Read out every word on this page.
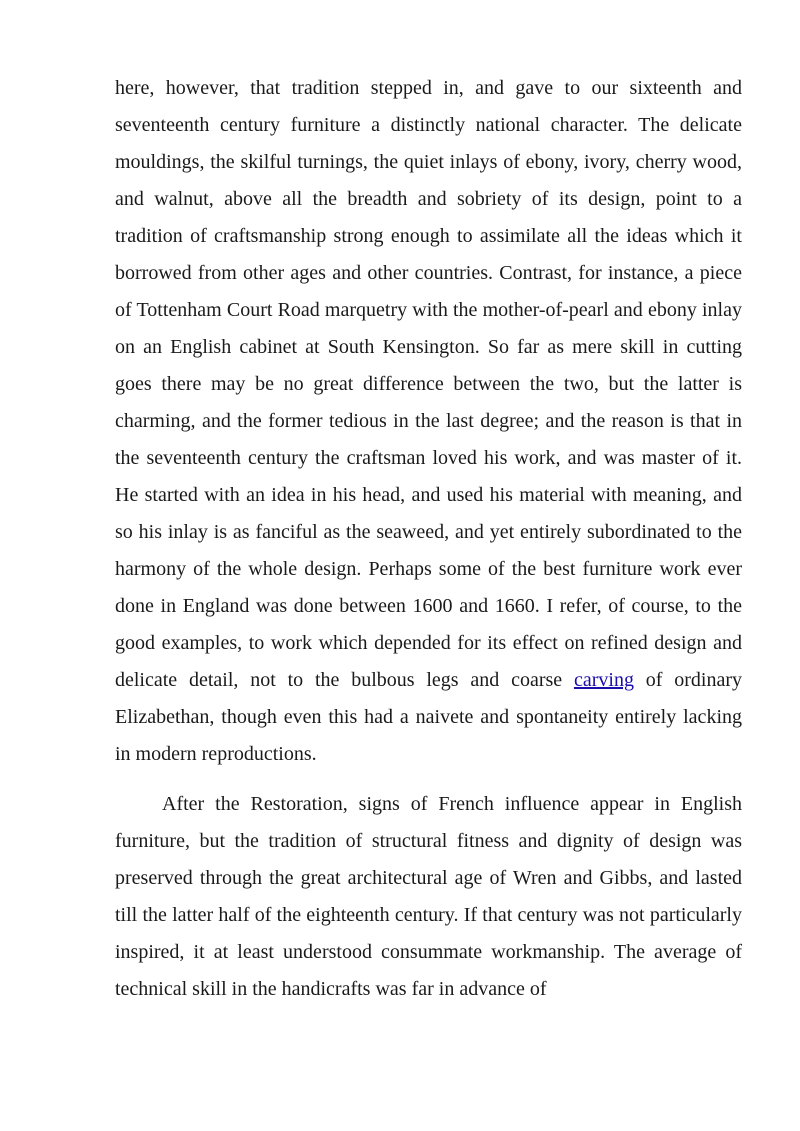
here, however, that tradition stepped in, and gave to our sixteenth and seventeenth century furniture a distinctly national character. The delicate mouldings, the skilful turnings, the quiet inlays of ebony, ivory, cherry wood, and walnut, above all the breadth and sobriety of its design, point to a tradition of craftsmanship strong enough to assimilate all the ideas which it borrowed from other ages and other countries. Contrast, for instance, a piece of Tottenham Court Road marquetry with the mother-of-pearl and ebony inlay on an English cabinet at South Kensington. So far as mere skill in cutting goes there may be no great difference between the two, but the latter is charming, and the former tedious in the last degree; and the reason is that in the seventeenth century the craftsman loved his work, and was master of it. He started with an idea in his head, and used his material with meaning, and so his inlay is as fanciful as the seaweed, and yet entirely subordinated to the harmony of the whole design. Perhaps some of the best furniture work ever done in England was done between 1600 and 1660. I refer, of course, to the good examples, to work which depended for its effect on refined design and delicate detail, not to the bulbous legs and coarse carving of ordinary Elizabethan, though even this had a naivete and spontaneity entirely lacking in modern reproductions.

After the Restoration, signs of French influence appear in English furniture, but the tradition of structural fitness and dignity of design was preserved through the great architectural age of Wren and Gibbs, and lasted till the latter half of the eighteenth century. If that century was not particularly inspired, it at least understood consummate workmanship. The average of technical skill in the handicrafts was far in advance of
